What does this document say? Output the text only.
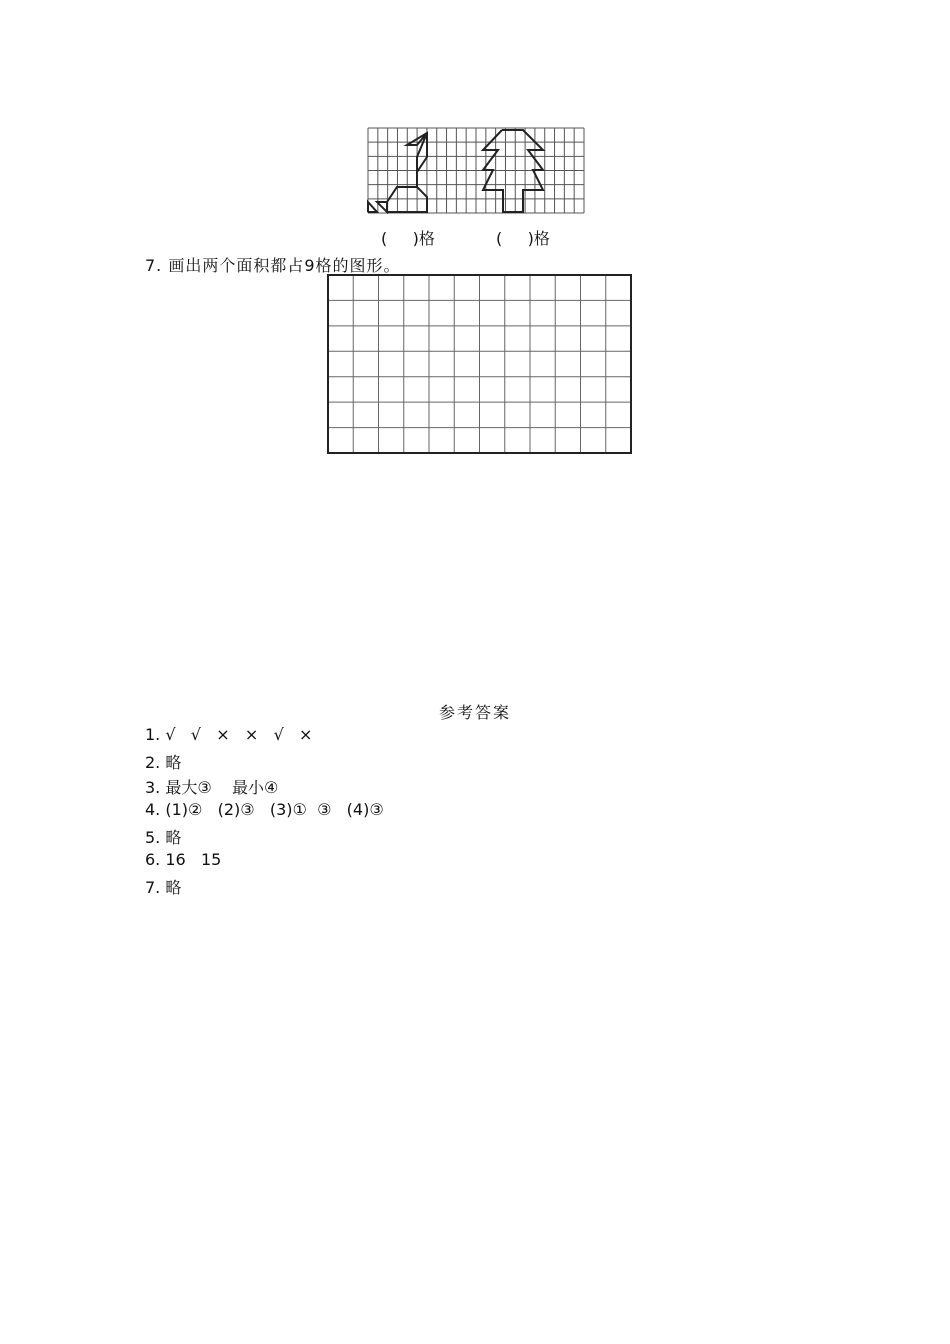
(     )格	(     )格
7. 画出两个面积都占9格的图形。
参考答案
1. √   √   ×   ×   √   ×
2. 略
3. 最大③    最小④
4. (1)②   (2)③   (3)①  ③   (4)③
5. 略
6. 16   15
7. 略
